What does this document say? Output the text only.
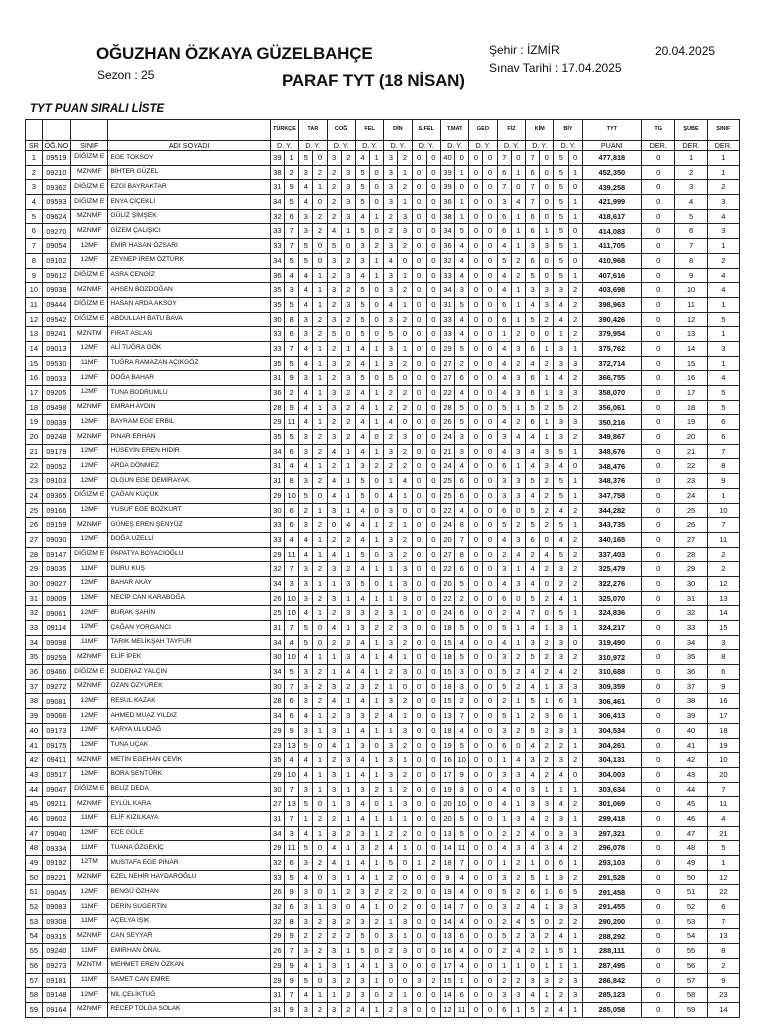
OĞUZHAN ÖZKAYA GÜZELBAHÇE
Sezon : 25	PARAF TYT (18 NİSAN)
Şehir : İZMİR
Sınav Tarihi : 17.04.2025
20.04.2025
TYT PUAN SIRALI LİSTE
				TÜRKÇE		TAR		COĞ		FEL		DİN		S.FEL		T.MAT		GEO		FİZ		KİM		BİY		TYT	TG	ŞUBE	SINIF
SR	ÖĞ.NO	SINIF	ADI SOYADI	D. Y.		D. Y.		D. Y.		D. Y.		D. Y.		D. Y.		D. Y.		D. Y.		D. Y.		D. Y.		D. Y.		PUANI	DER.	DER.	DER.
1	09519	DİĞİZM E	EGE TOKSOY	39	1	5	0	3	2	4	1	3	2	0	0	40	0	0	0	7	0	7	0	5	0	477,818	0	1	1
2	09210	MZNMF	BİHTER GÜZEL	38	2	3	2	2	3	5	0	3	1	0	0	39	1	0	0	6	1	6	0	5	1	452,350	0	2	1
3	09362	DİĞİZM E	EZGİ BAYRAKTAR	31	9	4	1	2	3	5	0	3	2	0	0	39	0	0	0	7	0	7	0	5	0	439,258	0	3	2
4	09593	DİĞİZM E	ENYA ÇİÇEKLİ	34	5	4	0	2	3	5	0	3	1	0	0	36	1	0	0	3	4	7	0	5	1	421,999	0	4	3
5	09624	MZNMF	GÜLİZ ŞİMŞEK	32	6	3	2	2	3	4	1	2	3	0	0	38	1	0	0	6	1	6	0	5	1	418,617	0	5	4
6	09270	MZNMF	GİZEM ÇALIŞICI	33	7	3	2	4	1	5	0	2	3	0	0	34	5	0	0	6	1	6	1	5	0	414,083	0	6	3
7	09054	12MF	EMİR HASAN ÖZSARI	33	7	5	0	5	0	3	2	3	2	0	0	36	4	0	0	4	1	3	3	5	1	411,705	0	7	1
8	09102	12MF	ZEYNEP İREM ÖZTÜRK	34	5	5	0	3	2	3	1	4	0	0	0	32	4	0	0	5	2	6	0	5	0	410,968	0	8	2
9	09612	DİĞİZM E	ASRA CENGİZ	36	4	4	1	2	3	4	1	3	1	0	0	33	4	0	0	4	2	5	0	5	1	407,616	0	9	4
10	09038	MZNMF	AHSEN BOZDOĞAN	35	3	4	1	3	2	5	0	3	2	0	0	34	3	0	0	4	1	3	3	3	2	403,698	0	10	4
11	09444	DİĞİZM E	HASAN ARDA AKSOY	35	5	4	1	2	3	5	0	4	1	0	0	31	5	0	0	6	1	4	3	4	2	398,963	0	11	1
12	09542	DİĞİZM E	ABDULLAH BATU BAVA	30	8	3	2	3	2	5	0	3	2	0	0	33	4	0	0	6	1	5	2	4	2	390,426	0	12	5
13	09241	MZNTM	FIRAT ASLAN	33	6	3	2	5	0	5	0	5	0	0	0	33	4	0	0	1	2	0	0	1	2	379,954	0	13	1
14	09013	12MF	ALİ TUĞRA GÖK	33	7	4	1	2	1	4	1	3	1	0	0	29	5	0	0	4	3	6	1	3	1	375,762	0	14	3
15	09530	11MF	TUĞRA RAMAZAN AÇIKGÖZ	35	5	4	1	3	2	4	1	3	2	0	0	27	2	0	0	4	2	4	2	3	3	372,714	0	15	1
16	09033	12MF	DOĞA BAHAR	31	9	3	1	2	3	5	0	5	0	0	0	27	6	0	0	4	3	6	1	4	2	366,755	0	16	4
17	09205	12MF	TUNA BODRUMLU	36	2	4	1	3	2	4	1	2	2	0	0	22	4	0	0	4	3	6	1	3	3	358,070	0	17	5
18	09498	MZNMF	EMRAH AYDIN	28	9	4	1	3	2	4	1	2	2	0	0	28	5	0	0	5	1	5	2	5	2	356,061	0	18	5
19	09039	12MF	BAYRAM EGE ERBİL	29	11	4	1	2	2	4	1	4	0	0	0	26	5	0	0	4	2	6	1	3	3	350,216	0	19	6
20	09248	MZNMF	PINAR ERHAN	35	5	3	2	3	2	4	0	2	3	0	0	24	3	0	0	3	4	4	1	3	2	349,867	0	20	6
21	09179	12MF	HÜSEYİN EREN HIDIR	34	6	3	2	4	1	4	1	3	2	0	0	21	3	0	0	4	3	4	3	5	1	348,676	0	21	7
22	09052	12MF	ARDA DÖNMEZ	31	4	4	1	2	1	3	2	2	2	0	0	24	4	0	0	6	1	4	3	4	0	348,476	0	22	8
23	09103	12MF	OLGUN EGE DEMİRAYAK	31	8	3	2	4	1	5	0	1	4	0	0	25	6	0	0	3	3	5	2	5	1	348,376	0	23	9
24	09365	DİĞİZM E	ÇAĞAN KÜÇÜK	29	10	5	0	4	1	5	0	4	1	0	0	25	6	0	0	3	3	4	2	5	1	347,758	0	24	1
25	09166	12MF	YUSUF EGE BOZKURT	30	6	2	1	3	1	4	0	3	0	0	0	22	4	0	0	6	0	5	2	4	2	344,282	0	25	10
26	09159	MZNMF	GÜNEŞ EREN ŞENYÜZ	33	6	3	2	0	4	4	1	2	1	0	0	24	8	0	0	5	2	5	2	5	1	343,735	0	26	7
27	09030	12MF	DOĞA UZELLİ	33	4	4	1	2	2	4	1	3	2	0	0	20	7	0	0	4	3	6	0	4	2	340,165	0	27	11
28	09147	DİĞİZM E	PAPATYA BOYACIOĞLU	29	11	4	1	4	1	5	0	3	2	0	0	27	8	0	0	2	4	2	4	5	2	337,403	0	28	2
29	09035	11MF	DURU KUŞ	32	7	3	2	3	2	4	1	1	3	0	0	22	6	0	0	3	1	4	2	3	2	325,479	0	29	2
30	09027	12MF	BAHAR AKAY	34	3	3	1	1	3	5	0	1	3	0	0	20	5	0	0	4	3	4	0	2	2	322,276	0	30	12
31	09009	12MF	NECİP CAN KARABOĞA	26	10	3	2	3	1	4	1	1	3	0	0	22	2	0	0	6	0	5	2	4	1	325,070	0	31	13
32	09061	12MF	BURAK ŞAHİN	25	10	4	1	2	3	3	2	3	1	0	0	24	6	0	0	2	4	7	0	5	1	324,836	0	32	14
33	09114	12MF	ÇAĞAN YORGANCI	31	7	5	0	4	1	3	2	2	3	0	0	18	5	0	0	5	1	4	1	3	1	324,217	0	33	15
34	09098	11MF	TARIK MELİKŞAH TAYFUR	34	4	5	0	2	2	4	1	3	2	0	0	15	4	0	0	4	1	3	2	3	0	319,490	0	34	3
35	09259	MZNMF	ELİF İPEK	30	10	4	1	1	3	4	1	4	1	0	0	18	5	0	0	3	2	5	2	3	2	310,972	0	35	8
36	09466	DİĞİZM E	SUDENAZ YALÇIN	34	5	3	2	1	4	4	1	2	3	0	0	15	3	0	0	5	2	4	2	4	2	310,688	0	36	6
37	09272	MZNMF	OZAN ÖZYÜREK	30	7	3	2	3	2	3	2	1	0	0	0	18	3	0	0	5	2	4	1	3	3	309,359	0	37	9
38	09081	12MF	RESUL KAZAK	28	6	3	2	4	1	4	1	3	2	0	0	15	2	0	0	2	1	5	1	6	1	306,461	0	38	16
39	09066	12MF	AHMED MUAZ YILDIZ	34	6	4	1	2	3	3	2	4	1	0	0	13	7	0	0	5	1	2	3	6	1	306,413	0	39	17
40	09173	12MF	KARYA ULUDAĞ	29	9	3	1	3	1	4	1	1	3	0	0	18	4	0	0	3	2	5	2	3	1	304,534	0	40	18
41	09175	12MF	TUNA UÇAK	23	13	5	0	4	1	3	0	3	2	0	0	19	5	0	0	6	0	4	2	2	1	304,261	0	41	19
42	09411	MZNMF	METİN EGEHAN ÇEVİK	35	4	4	1	2	3	4	1	3	1	0	0	16	10	0	0	1	4	3	2	3	2	304,131	0	42	10
43	09517	12MF	BORA ŞENTÜRK	29	10	4	1	3	1	4	1	3	2	0	0	17	9	0	0	3	3	4	2	4	0	304,003	0	43	20
44	09047	DİĞİZM E	BELİZ DEDA	30	7	3	1	3	1	3	2	1	2	0	0	19	3	0	0	4	0	3	1	1	1	303,634	0	44	7
45	09211	MZNMF	EYLÜL KARA	27	13	5	0	1	3	4	0	1	3	0	0	20	10	0	0	4	1	3	3	4	2	301,069	0	45	11
46	09602	11MF	ELİF KIZILKAYA	31	7	1	2	2	1	4	1	1	1	0	0	20	5	0	0	1	3	4	2	3	1	299,418	0	46	4
47	09040	12MF	ECE GÜLE	34	3	4	1	3	2	3	1	2	2	0	0	13	5	0	0	2	2	4	0	3	3	297,321	0	47	21
48	09334	11MF	TUANA ÖZGEKİÇ	29	11	5	0	4	1	3	2	4	1	0	0	14	11	0	0	4	3	4	3	4	2	296,078	0	48	5
49	09192	12TM	MUSTAFA EGE PINAR	32	6	3	2	4	1	4	1	5	0	1	2	18	7	0	0	1	2	1	0	6	1	293,103	0	49	1
50	09221	MZNMF	EZEL NEHİR HAYDAROĞLU	33	5	4	0	3	1	4	1	2	0	0	0	9	4	0	0	3	2	5	1	3	2	291,528	0	50	12
51	09045	12MF	BENGÜ ÖZHAN	26	9	3	0	1	2	3	2	2	2	0	0	19	4	0	0	5	2	6	1	6	5	291,458	0	51	22
52	09083	11MF	DERİN SUGERTİN	32	6	3	1	3	0	4	1	0	2	0	0	14	7	0	0	3	2	4	1	3	3	291,455	0	52	6
53	09308	11MF	AÇELYA IŞIK	32	8	3	2	3	2	3	2	1	3	0	0	14	4	0	0	2	4	5	0	2	2	290,200	0	53	7
54	09315	MZNMF	CAN SEYYAR	29	9	2	2	2	2	5	0	3	1	0	0	13	6	0	0	5	2	3	2	4	1	288,292	0	54	13
55	09240	11MF	EMİRHAN ÖNAL	26	7	3	2	3	1	5	0	2	3	0	0	16	4	0	0	2	4	2	1	5	1	288,111	0	55	8
56	09273	MZNTM	MEHMET EREN ÖZKAN	29	9	4	1	3	1	4	1	3	0	0	0	17	4	0	0	1	1	0	1	1	1	287,495	0	56	2
57	09181	11MF	SAMET CAN EMRE	29	9	5	0	3	2	3	1	0	0	3	2	15	1	0	0	2	2	3	3	2	3	286,842	0	57	9
58	09148	12MF	NİL ÇELİKTUĞ	31	7	4	1	1	2	3	0	2	1	0	0	14	6	0	0	3	3	4	1	2	3	285,123	0	58	23
59	09164	MZNMF	RECEP TOLGA SOLAK	31	9	3	2	3	2	4	1	2	3	0	0	12	11	0	0	6	1	5	2	4	1	285,058	0	59	14
